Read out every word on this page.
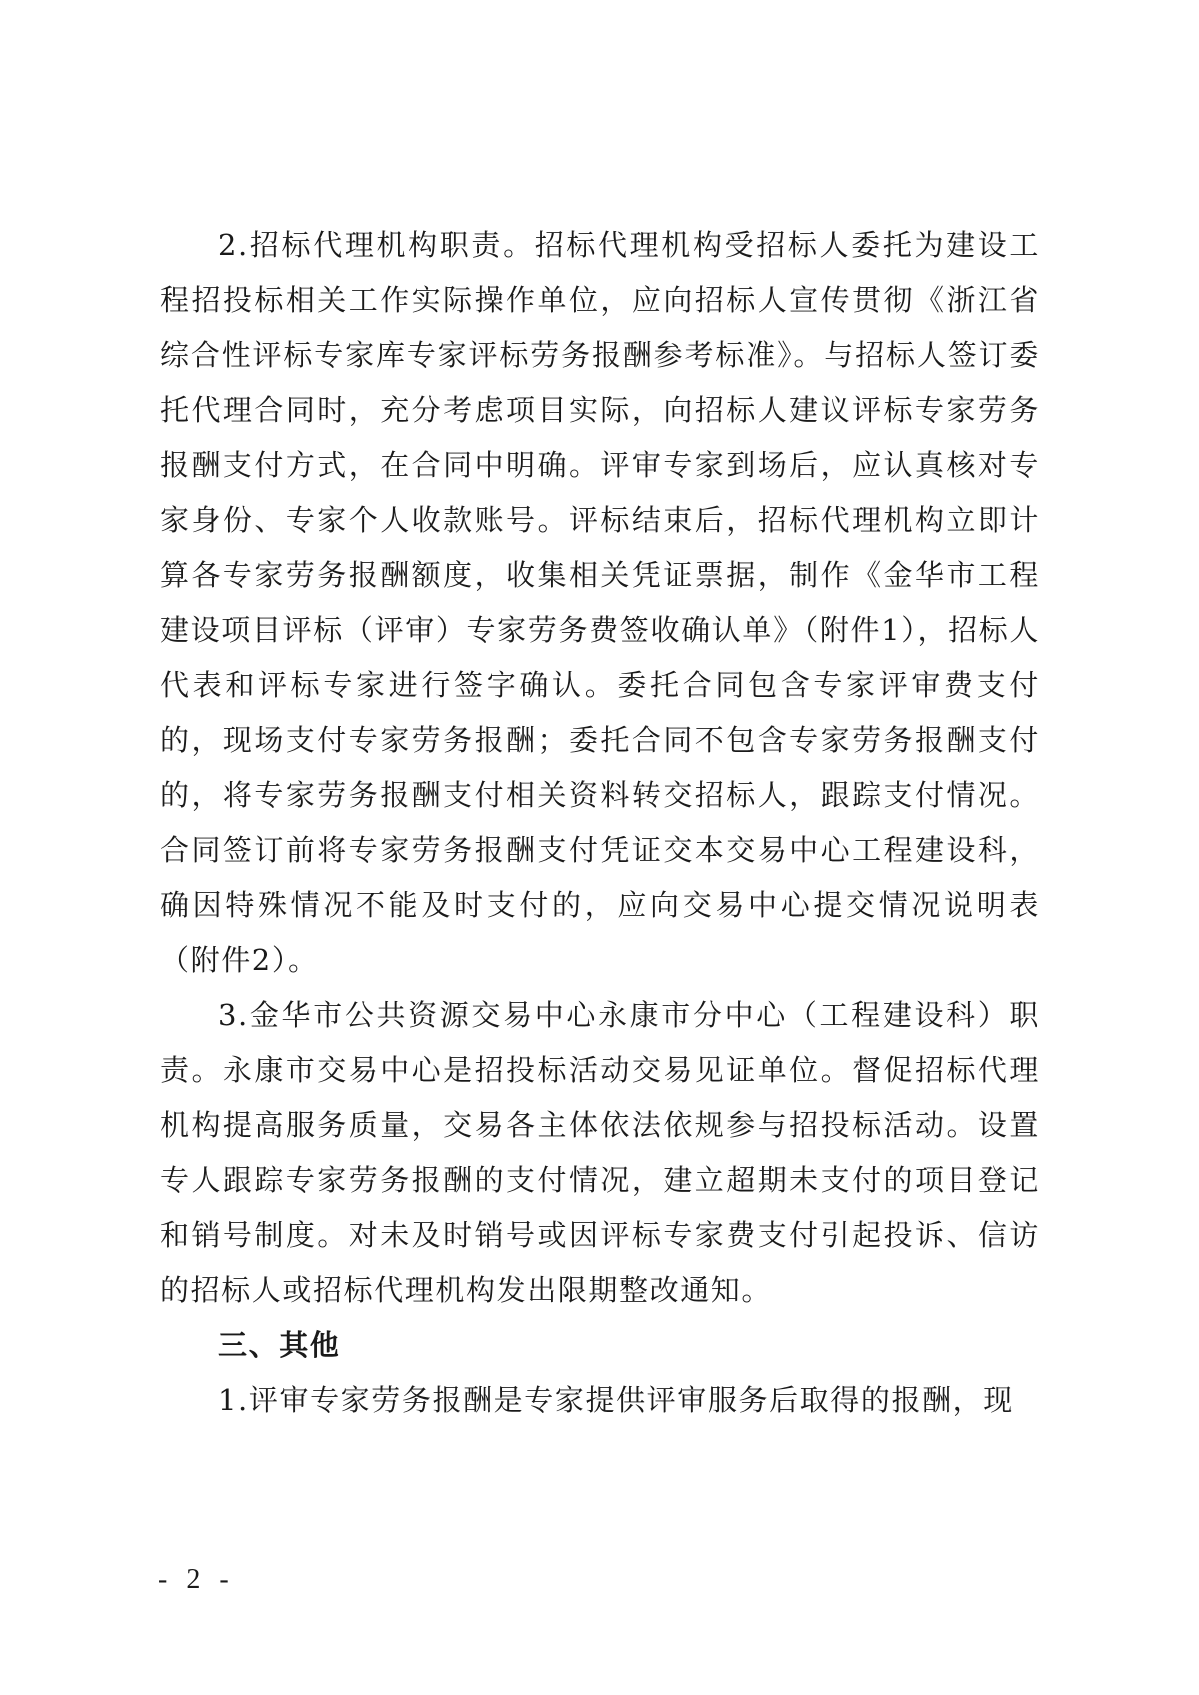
2.招标代理机构职责。招标代理机构受招标人委托为建设工程招投标相关工作实际操作单位，应向招标人宣传贯彻《浙江省综合性评标专家库专家评标劳务报酬参考标准》。与招标人签订委托代理合同时，充分考虑项目实际，向招标人建议评标专家劳务报酬支付方式，在合同中明确。评审专家到场后，应认真核对专家身份、专家个人收款账号。评标结束后，招标代理机构立即计算各专家劳务报酬额度，收集相关凭证票据，制作《金华市工程建设项目评标（评审）专家劳务费签收确认单》（附件1），招标人代表和评标专家进行签字确认。委托合同包含专家评审费支付的，现场支付专家劳务报酬；委托合同不包含专家劳务报酬支付的，将专家劳务报酬支付相关资料转交招标人，跟踪支付情况。合同签订前将专家劳务报酬支付凭证交本交易中心工程建设科，确因特殊情况不能及时支付的，应向交易中心提交情况说明表（附件2）。

3.金华市公共资源交易中心永康市分中心（工程建设科）职责。永康市交易中心是招投标活动交易见证单位。督促招标代理机构提高服务质量，交易各主体依法依规参与招投标活动。设置专人跟踪专家劳务报酬的支付情况，建立超期未支付的项目登记和销号制度。对未及时销号或因评标专家费支付引起投诉、信访的招标人或招标代理机构发出限期整改通知。

三、其他

1.评审专家劳务报酬是专家提供评审服务后取得的报酬，现

- 2 -
